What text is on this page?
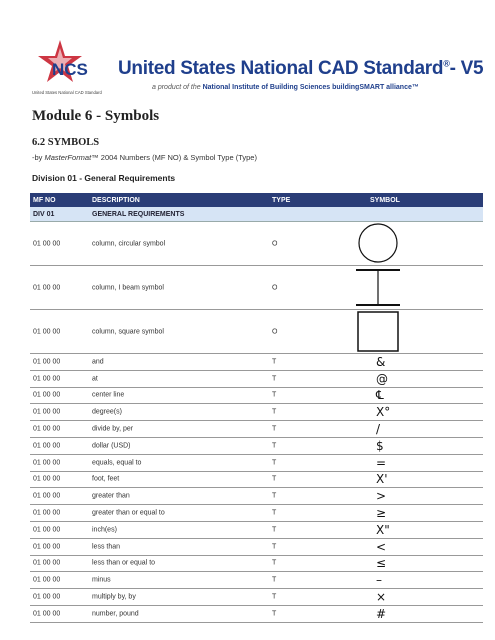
NCS
United States National CAD Standard
United States National CAD Standard®- V5
a product of the National Institute of Building Sciences buildingSMART alliance™
Module 6 - Symbols
6.2 SYMBOLS
-by MasterFormat™ 2004 Numbers (MF NO) & Symbol Type (Type)
Division 01 - General Requirements
MF NO	DESCRIPTION	TYPE	SYMBOL
DIV 01	GENERAL REQUIREMENTS
01 00 00	column, circular symbol	O
01 00 00	column, I beam symbol	O
01 00 00	column, square symbol	O
01 00 00	and	T	&
01 00 00	at	T	@
01 00 00	center line	T	℄
01 00 00	degree(s)	T	X°
01 00 00	divide by, per	T	/
01 00 00	dollar (USD)	T	$
01 00 00	equals, equal to	T	=
01 00 00	foot, feet	T	X'
01 00 00	greater than	T	>
01 00 00	greater than or equal to	T	≥
01 00 00	inch(es)	T	X"
01 00 00	less than	T	<
01 00 00	less than or equal to	T	≤
01 00 00	minus	T	–
01 00 00	multiply by, by	T	×
01 00 00	number, pound	T	#
